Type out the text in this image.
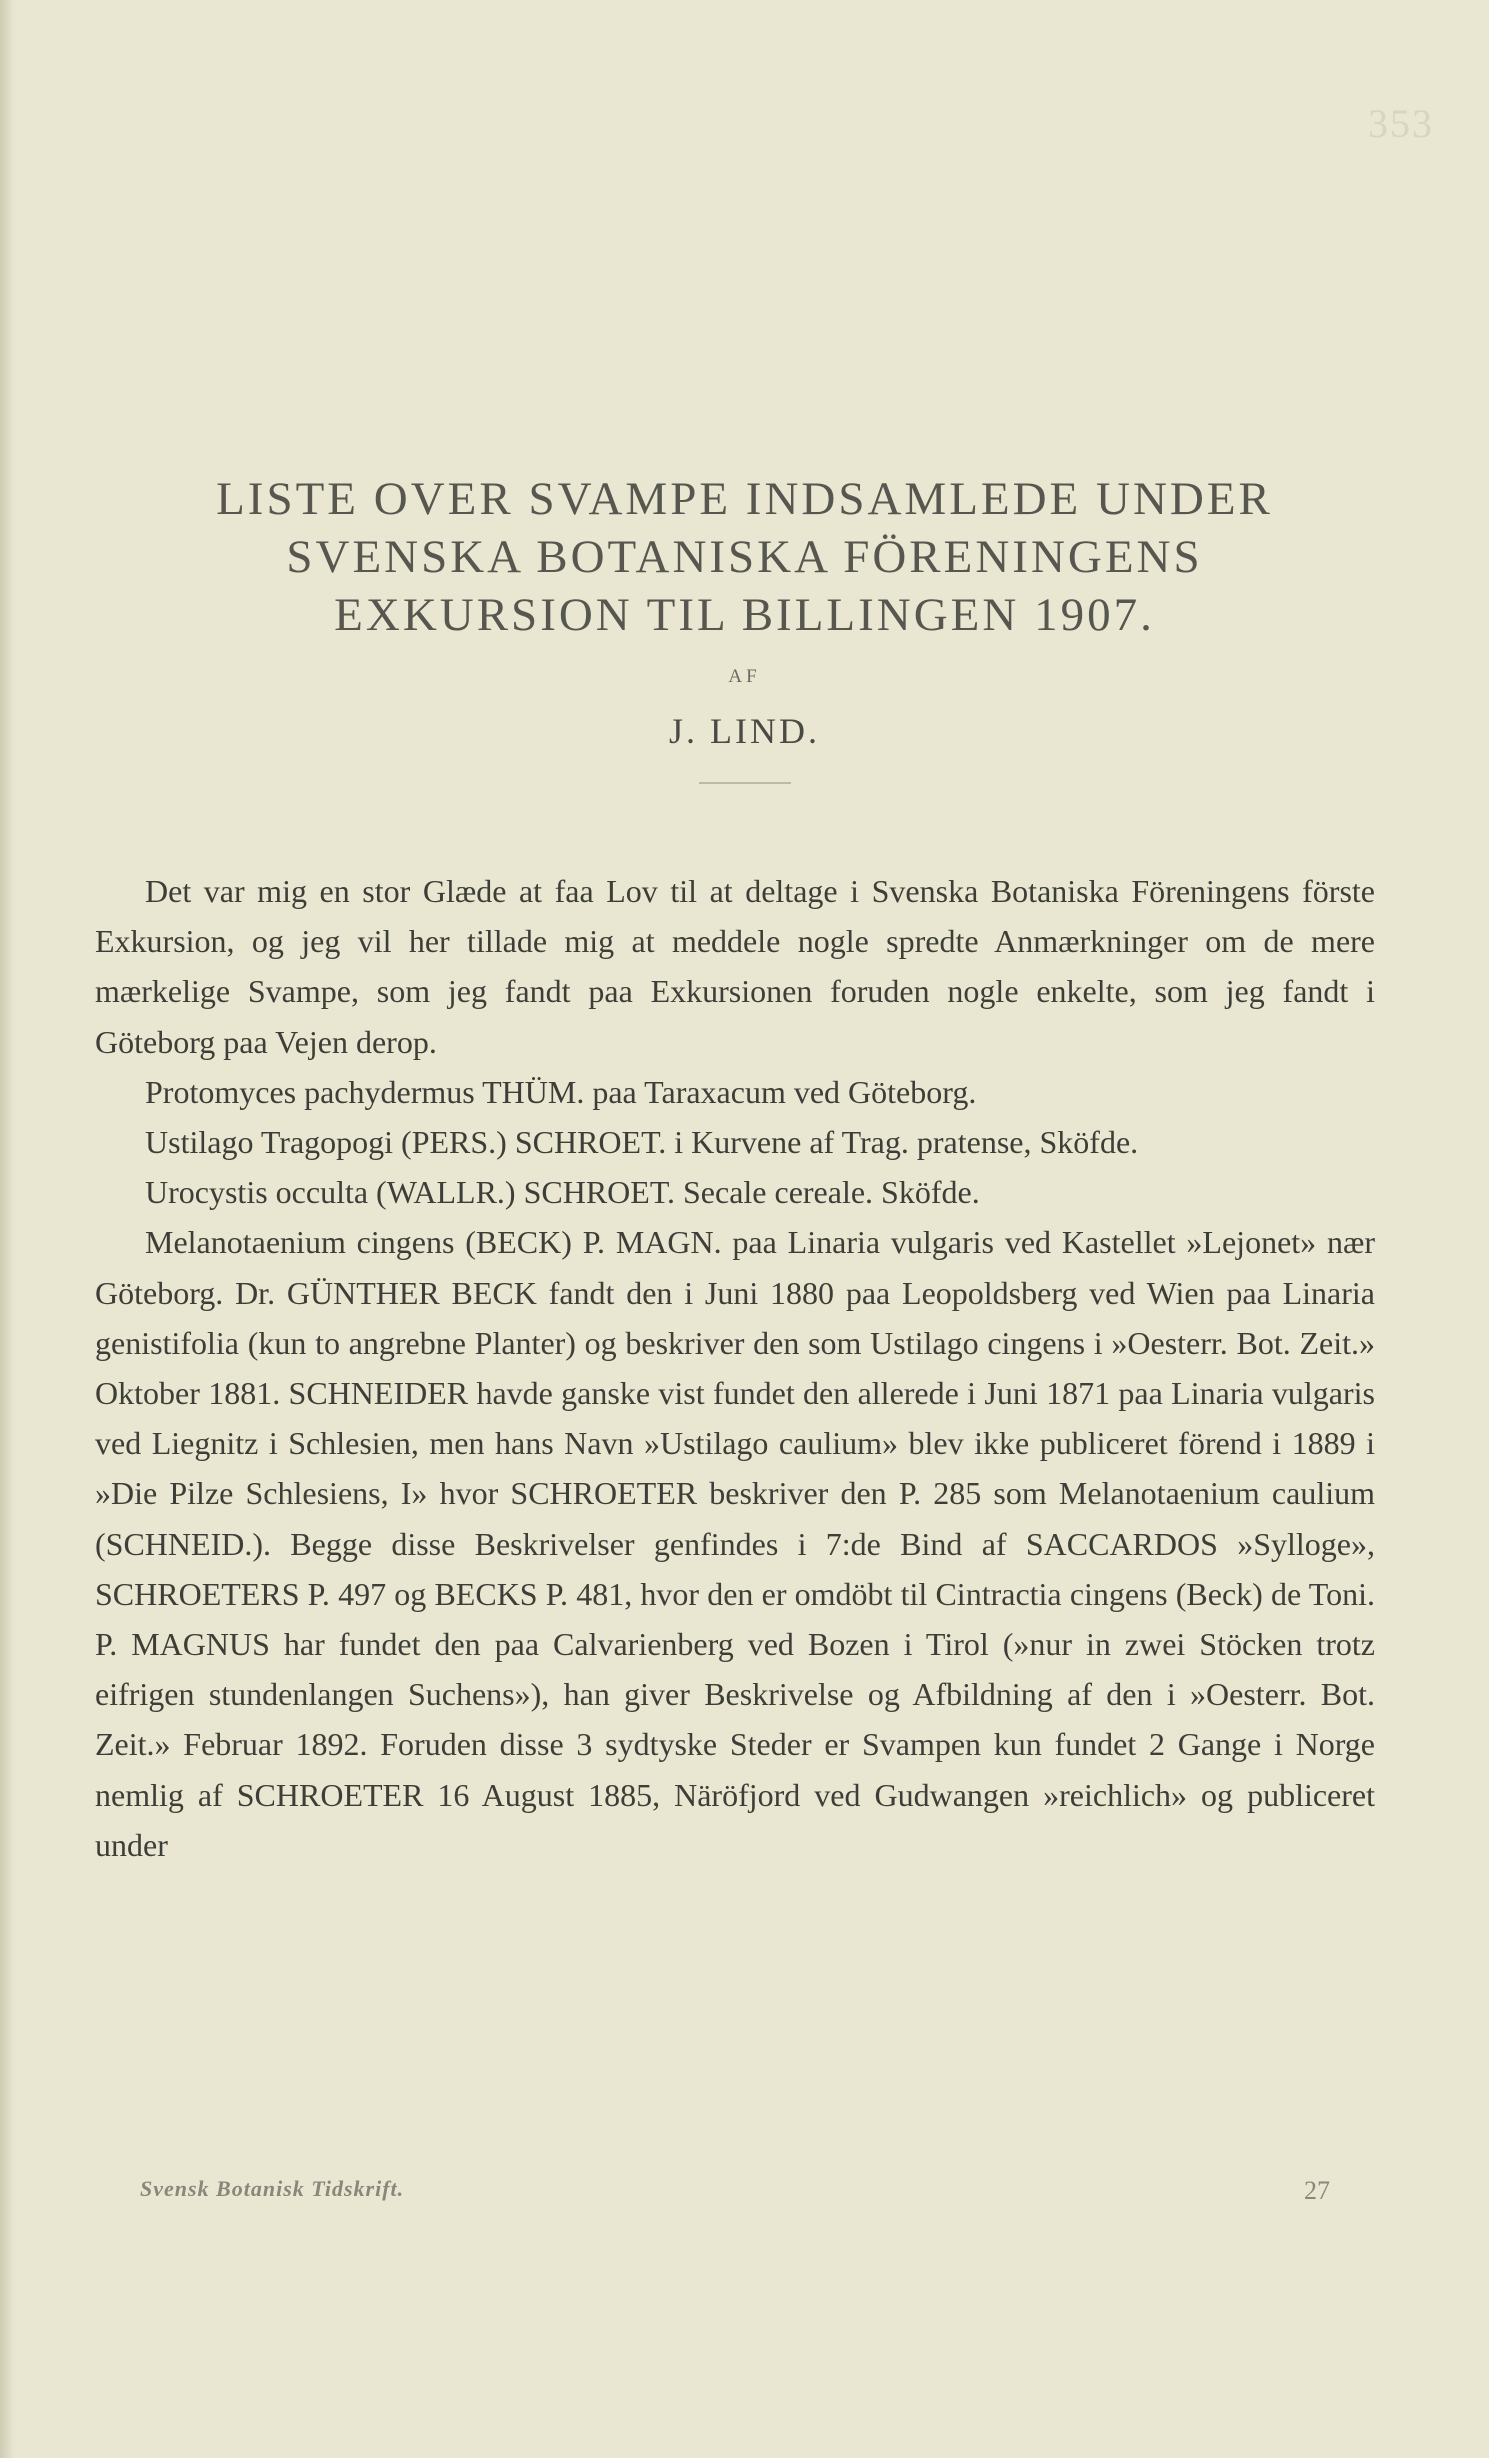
353
LISTE OVER SVAMPE INDSAMLEDE UNDER
SVENSKA BOTANISKA FÖRENINGENS
EXKURSION TIL BILLINGEN 1907.
AF
J. LIND.

Det var mig en stor Glæde at faa Lov til at deltage i Svenska Botaniska Föreningens förste Exkursion, og jeg vil her tillade mig at meddele nogle spredte Anmærkninger om de mere mærkelige Svampe, som jeg fandt paa Exkursionen foruden nogle enkelte, som jeg fandt i Göteborg paa Vejen derop.

Protomyces pachydermus THÜM. paa Taraxacum ved Göteborg.

Ustilago Tragopogi (PERS.) SCHROET. i Kurvene af Trag. pratense, Sköfde.

Urocystis occulta (WALLR.) SCHROET. Secale cereale. Sköfde.

Melanotaenium cingens (BECK) P. MAGN. paa Linaria vulgaris ved Kastellet »Lejonet» nær Göteborg. Dr. GÜNTHER BECK fandt den i Juni 1880 paa Leopoldsberg ved Wien paa Linaria genistifolia (kun to angrebne Planter) og beskriver den som Ustilago cingens i »Oesterr. Bot. Zeit.» Oktober 1881. SCHNEIDER havde ganske vist fundet den allerede i Juni 1871 paa Linaria vulgaris ved Liegnitz i Schlesien, men hans Navn »Ustilago caulium» blev ikke publiceret förend i 1889 i »Die Pilze Schlesiens, I» hvor SCHROETER beskriver den P. 285 som Melanotaenium caulium (SCHNEID.). Begge disse Beskrivelser genfindes i 7:de Bind af SACCARDOS »Sylloge», SCHROETERS P. 497 og BECKS P. 481, hvor den er omdöbt til Cintractia cingens (Beck) de Toni. P. MAGNUS har fundet den paa Calvarienberg ved Bozen i Tirol (»nur in zwei Stöcken trotz eifrigen stundenlangen Suchens»), han giver Beskrivelse og Afbildning af den i »Oesterr. Bot. Zeit.» Februar 1892. Foruden disse 3 sydtyske Steder er Svampen kun fundet 2 Gange i Norge nemlig af SCHROETER 16 August 1885, Näröfjord ved Gudwangen »reichlich» og publiceret under

Svensk Botanisk Tidskrift.	27
